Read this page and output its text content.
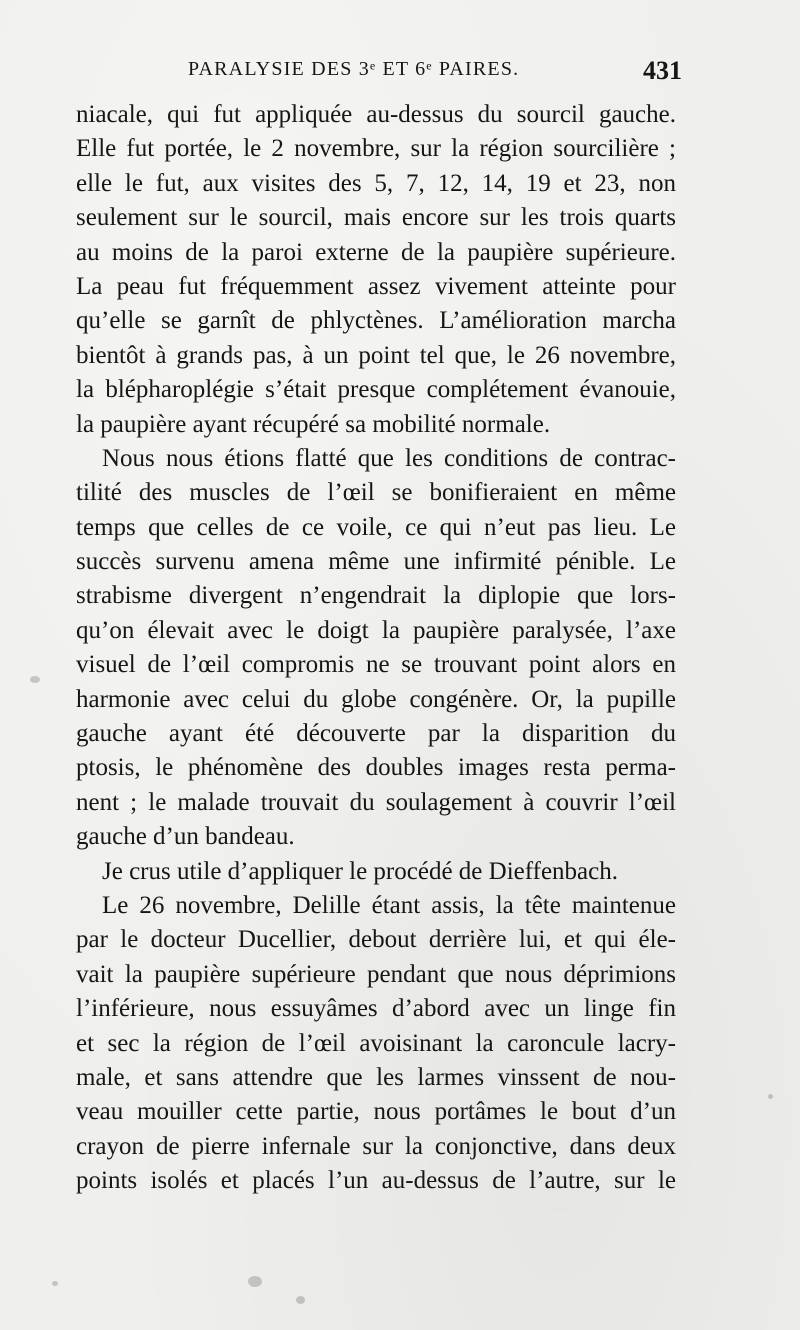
PARALYSIE DES 3ᵉ ET 6ᵉ PAIRES.	431
niacale, qui fut appliquée au-dessus du sourcil gauche.
Elle fut portée, le 2 novembre, sur la région sourcilière ;
elle le fut, aux visites des 5, 7, 12, 14, 19 et 23, non
seulement sur le sourcil, mais encore sur les trois quarts
au moins de la paroi externe de la paupière supérieure.
La peau fut fréquemment assez vivement atteinte pour
qu’elle se garnît de phlyctènes. L’amélioration marcha
bientôt à grands pas, à un point tel que, le 26 novembre,
la blépharoplégie s’était presque complétement évanouie,
la paupière ayant récupéré sa mobilité normale.
Nous nous étions flatté que les conditions de contrac-
tilité des muscles de l’œil se bonifieraient en même
temps que celles de ce voile, ce qui n’eut pas lieu. Le
succès survenu amena même une infirmité pénible. Le
strabisme divergent n’engendrait la diplopie que lors-
qu’on élevait avec le doigt la paupière paralysée, l’axe
visuel de l’œil compromis ne se trouvant point alors en
harmonie avec celui du globe congénère. Or, la pupille
gauche ayant été découverte par la disparition du
ptosis, le phénomène des doubles images resta perma-
nent ; le malade trouvait du soulagement à couvrir l’œil
gauche d’un bandeau.
Je crus utile d’appliquer le procédé de Dieffenbach.
Le 26 novembre, Delille étant assis, la tête maintenue
par le docteur Ducellier, debout derrière lui, et qui éle-
vait la paupière supérieure pendant que nous déprimions
l’inférieure, nous essuyâmes d’abord avec un linge fin
et sec la région de l’œil avoisinant la caroncule lacry-
male, et sans attendre que les larmes vinssent de nou-
veau mouiller cette partie, nous portâmes le bout d’un
crayon de pierre infernale sur la conjonctive, dans deux
points isolés et placés l’un au-dessus de l’autre, sur le
